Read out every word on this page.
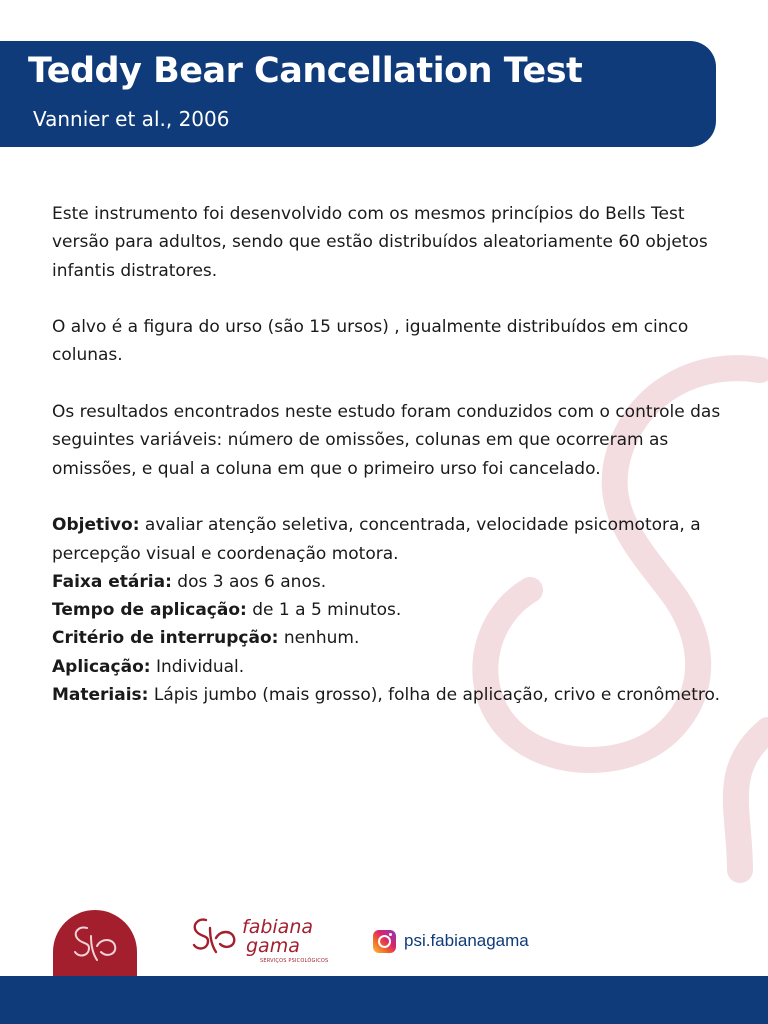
Teddy Bear Cancellation Test
Vannier et al., 2006

Este instrumento foi desenvolvido com os mesmos princípios do Bells Test versão para adultos, sendo que estão distribuídos aleatoriamente 60 objetos infantis distratores.

O alvo é a figura do urso (são 15 ursos) , igualmente distribuídos em cinco colunas.

Os resultados encontrados neste estudo foram conduzidos com o controle das seguintes variáveis: número de omissões, colunas em que ocorreram as omissões, e qual a coluna em que o primeiro urso foi cancelado.

Objetivo: avaliar atenção seletiva, concentrada, velocidade psicomotora, a percepção visual e coordenação motora.

Faixa etária: dos 3 aos 6 anos.

Tempo de aplicação: de 1 a 5 minutos.

Critério de interrupção: nenhum.

Aplicação: Individual.

Materiais: Lápis jumbo (mais grosso), folha de aplicação, crivo e cronômetro.

fabiana
gama
SERVIÇOS PSICOLÓGICOS
psi.fabianagama
